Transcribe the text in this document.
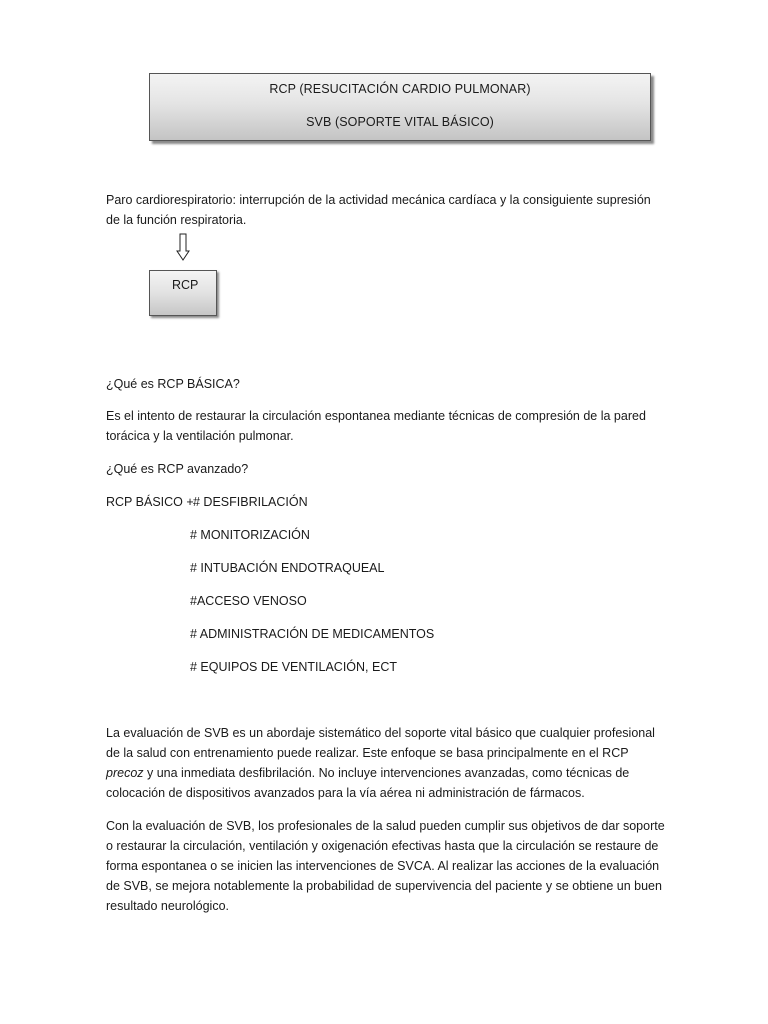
RCP (RESUCITACIÓN CARDIO PULMONAR)
SVB (SOPORTE VITAL BÁSICO)

Paro cardiorespiratorio: interrupción de la actividad mecánica cardíaca y la consiguiente supresión de la función respiratoria.

RCP
¿Qué es RCP BÁSICA?

Es el intento de restaurar la circulación espontanea mediante técnicas de compresión de la pared torácica y la ventilación pulmonar.

¿Qué es RCP avanzado?
RCP BÁSICO + # DESFIBRILACIÓN
# MONITORIZACIÓN
# INTUBACIÓN ENDOTRAQUEAL
#ACCESO VENOSO
# ADMINISTRACIÓN DE MEDICAMENTOS
# EQUIPOS DE VENTILACIÓN, ECT

La evaluación de SVB es un abordaje sistemático del soporte vital básico que cualquier profesional de la salud con entrenamiento puede realizar. Este enfoque se basa principalmente en el RCP precoz y una inmediata desfibrilación. No incluye intervenciones avanzadas, como técnicas de colocación de dispositivos avanzados para la vía aérea ni administración de fármacos.

Con la evaluación de SVB, los profesionales de la salud pueden cumplir sus objetivos de dar soporte o restaurar la circulación, ventilación y oxigenación efectivas hasta que la circulación se restaure de forma espontanea o se inicien las intervenciones de SVCA. Al realizar las acciones de la evaluación de SVB, se mejora notablemente la probabilidad de supervivencia del paciente y se obtiene un buen resultado neurológico.
